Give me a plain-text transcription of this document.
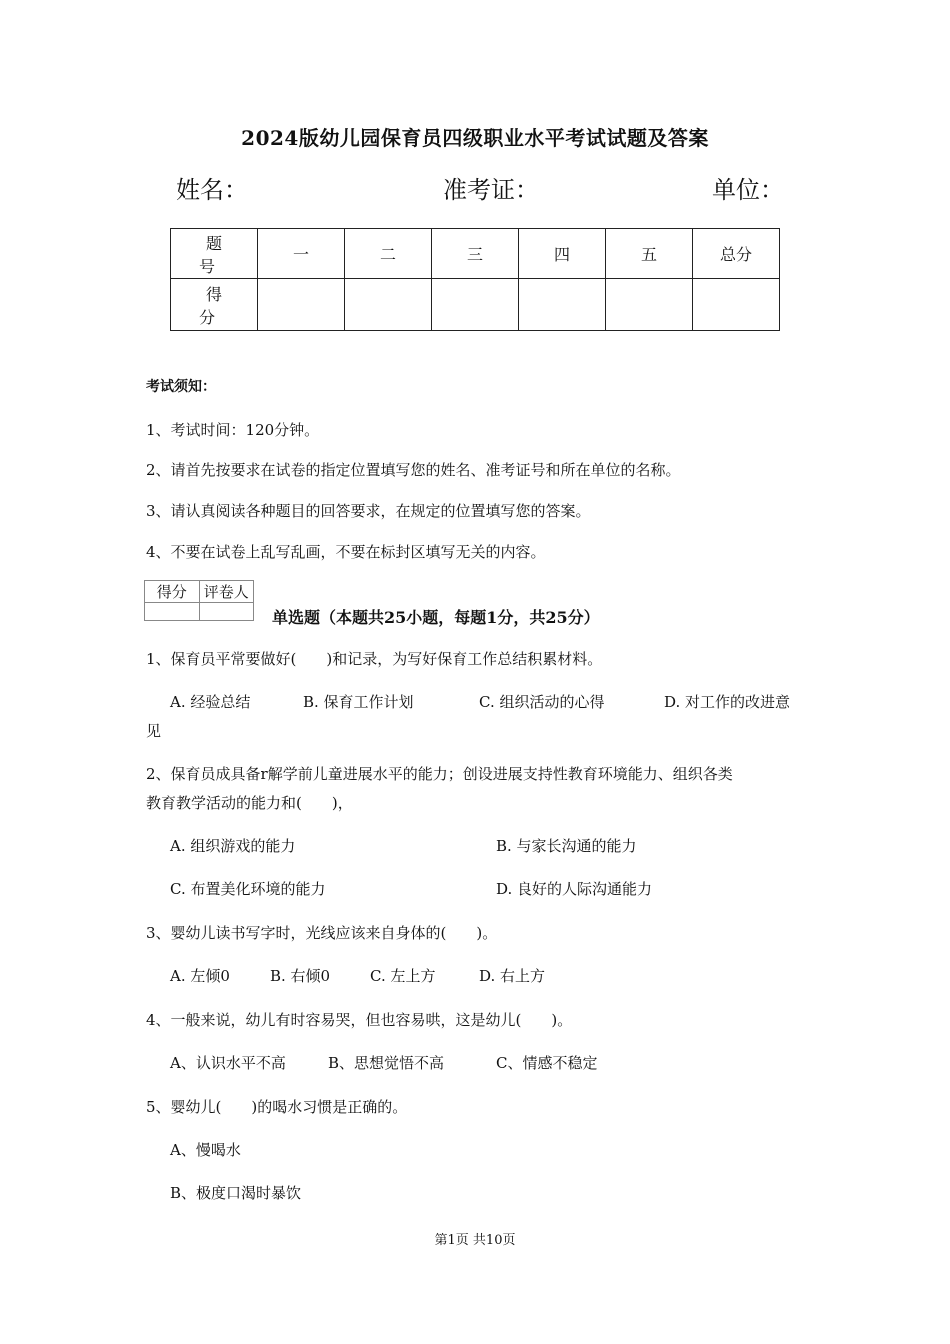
2024版幼儿园保育员四级职业水平考试试题及答案
姓名：	准考证：	单位：
题　号	一	二	三	四	五	总分
得　分						
考试须知：
1、考试时间：120分钟。
2、请首先按要求在试卷的指定位置填写您的姓名、准考证号和所在单位的名称。
3、请认真阅读各种题目的回答要求，在规定的位置填写您的答案。
4、不要在试卷上乱写乱画，不要在标封区填写无关的内容。
得分	评卷人

单选题（本题共25小题，每题1分，共25分）
1、保育员平常要做好(　　)和记录，为写好保育工作总结积累材料。
A. 经验总结	B. 保育工作计划	C. 组织活动的心得	D. 对工作的改进意
见
2、保育员成具备r解学前儿童进展水平的能力；创设进展支持性教育环境能力、组织各类
教育教学活动的能力和(　　)，
A. 组织游戏的能力	B. 与家长沟通的能力
C. 布置美化环境的能力	D. 良好的人际沟通能力
3、婴幼儿读书写字时，光线应该来自身体的(　　)。
A. 左倾0	B. 右倾0	C. 左上方	D. 右上方
4、一般来说，幼儿有时容易哭，但也容易哄，这是幼儿(　　)。
A、认识水平不高	B、思想觉悟不高	C、情感不稳定
5、婴幼儿(　　)的喝水习惯是正确的。
A、慢喝水
B、极度口渴时暴饮
第1页 共10页
